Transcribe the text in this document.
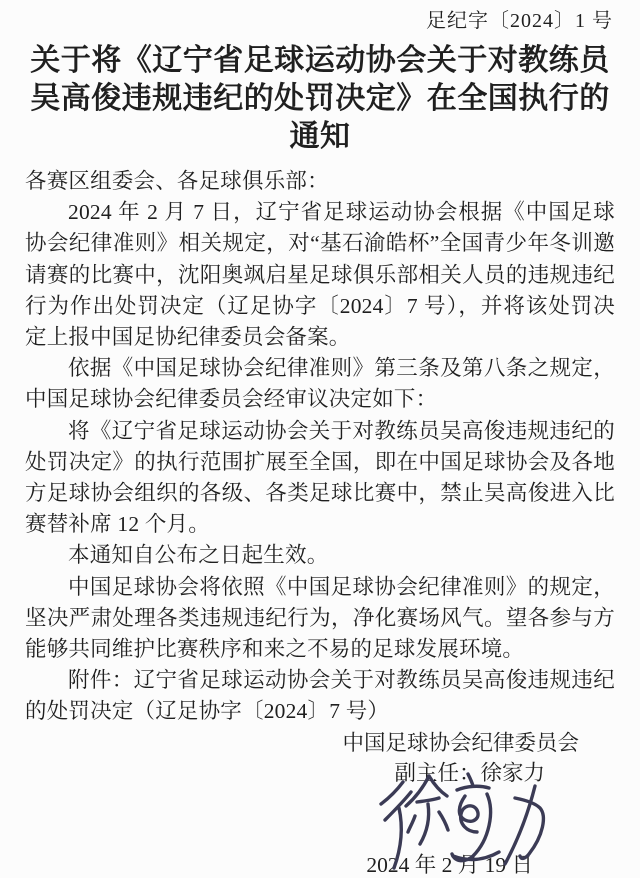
足纪字〔2024〕1 号
关于将《辽宁省足球运动协会关于对教练员
吴高俊违规违纪的处罚决定》在全国执行的通知

各赛区组委会、各足球俱乐部：

2024 年 2 月 7 日，辽宁省足球运动协会根据《中国足球协会纪律准则》相关规定，对“基石渝皓杯”全国青少年冬训邀请赛的比赛中，沈阳奥飒启星足球俱乐部相关人员的违规违纪行为作出处罚决定（辽足协字〔2024〕7 号），并将该处罚决定上报中国足协纪律委员会备案。

依据《中国足球协会纪律准则》第三条及第八条之规定，中国足球协会纪律委员会经审议决定如下：

将《辽宁省足球运动协会关于对教练员吴高俊违规违纪的处罚决定》的执行范围扩展至全国，即在中国足球协会及各地方足球协会组织的各级、各类足球比赛中，禁止吴高俊进入比赛替补席 12 个月。

本通知自公布之日起生效。

中国足球协会将依照《中国足球协会纪律准则》的规定，坚决严肃处理各类违规违纪行为，净化赛场风气。望各参与方能够共同维护比赛秩序和来之不易的足球发展环境。

附件：辽宁省足球运动协会关于对教练员吴高俊违规违纪的处罚决定（辽足协字〔2024〕7 号）

中国足球协会纪律委员会
副主任：徐家力
2024 年 2 月 19 日
